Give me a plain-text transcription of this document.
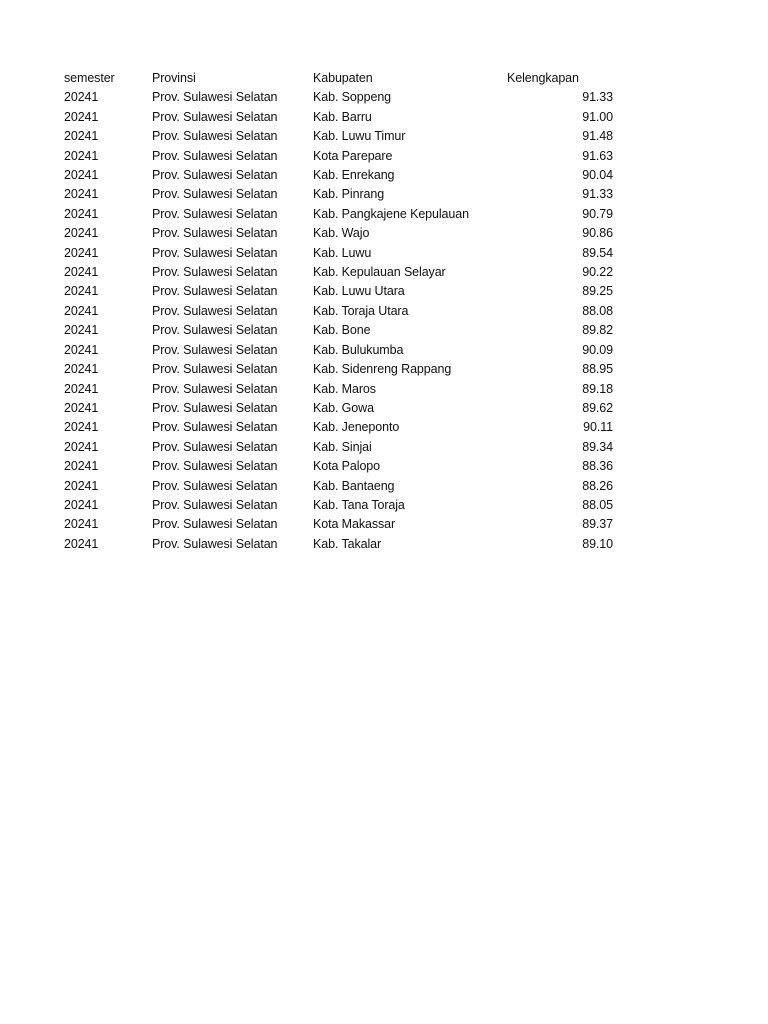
semester	Provinsi	Kabupaten	Kelengkapan
20241	Prov. Sulawesi Selatan	Kab. Soppeng	91.33
20241	Prov. Sulawesi Selatan	Kab. Barru	91.00
20241	Prov. Sulawesi Selatan	Kab. Luwu Timur	91.48
20241	Prov. Sulawesi Selatan	Kota Parepare	91.63
20241	Prov. Sulawesi Selatan	Kab. Enrekang	90.04
20241	Prov. Sulawesi Selatan	Kab. Pinrang	91.33
20241	Prov. Sulawesi Selatan	Kab. Pangkajene Kepulauan	90.79
20241	Prov. Sulawesi Selatan	Kab. Wajo	90.86
20241	Prov. Sulawesi Selatan	Kab. Luwu	89.54
20241	Prov. Sulawesi Selatan	Kab. Kepulauan Selayar	90.22
20241	Prov. Sulawesi Selatan	Kab. Luwu Utara	89.25
20241	Prov. Sulawesi Selatan	Kab. Toraja Utara	88.08
20241	Prov. Sulawesi Selatan	Kab. Bone	89.82
20241	Prov. Sulawesi Selatan	Kab. Bulukumba	90.09
20241	Prov. Sulawesi Selatan	Kab. Sidenreng Rappang	88.95
20241	Prov. Sulawesi Selatan	Kab. Maros	89.18
20241	Prov. Sulawesi Selatan	Kab. Gowa	89.62
20241	Prov. Sulawesi Selatan	Kab. Jeneponto	90.11
20241	Prov. Sulawesi Selatan	Kab. Sinjai	89.34
20241	Prov. Sulawesi Selatan	Kota Palopo	88.36
20241	Prov. Sulawesi Selatan	Kab. Bantaeng	88.26
20241	Prov. Sulawesi Selatan	Kab. Tana Toraja	88.05
20241	Prov. Sulawesi Selatan	Kota Makassar	89.37
20241	Prov. Sulawesi Selatan	Kab. Takalar	89.10
